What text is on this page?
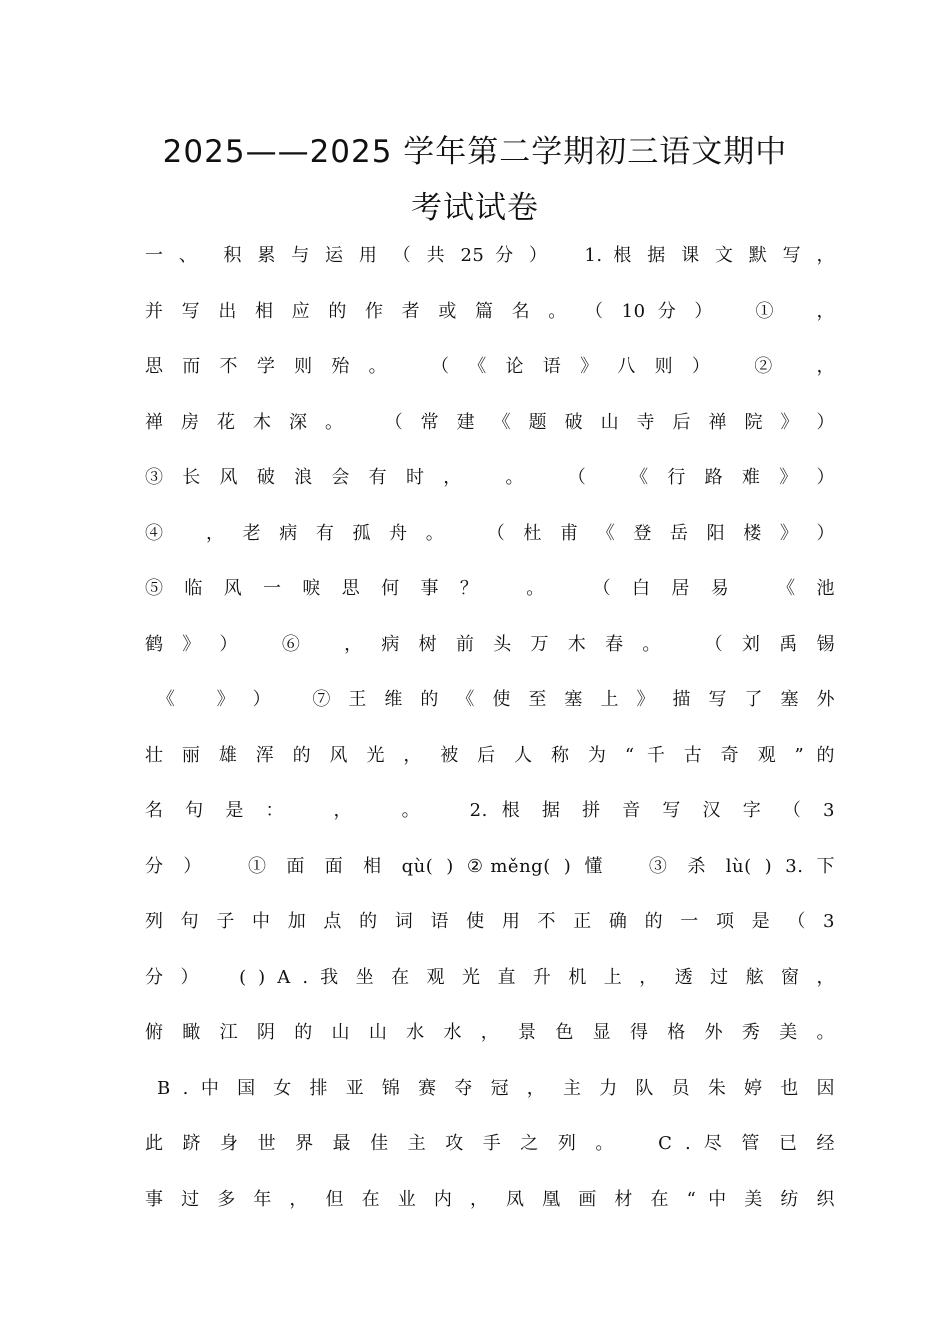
2025——2025 学年第二学期初三语文期中
考试试卷
一 、  积 累 与 运 用 （ 共 25 分 ）   1. 根 据 课 文 默 写 ，
并 写 出 相 应 的 作 者 或 篇 名 。 （ 10 分 ）   ①   ，
思 而 不 学 则 殆 。   （ 《 论 语 》 八 则 ）   ②   ，
禅 房 花 木 深 。   （ 常 建 《 题 破 山 寺 后 禅 院 》 ）
③ 长 风 破 浪 会 有 时 ，   。   （   《 行 路 难 》 ）
④   ， 老 病 有 孤 舟 。   （ 杜 甫 《 登 岳 阳 楼 》 ）
⑤ 临 风 一 唳 思 何 事 ？   。   （ 白 居 易   《 池
鹤 》 ）   ⑥   ， 病 树 前 头 万 木 春 。   （ 刘 禹 锡
《   》 ）   ⑦ 王 维 的 《 使 至 塞 上 》 描 写 了 塞 外
壮 丽 雄 浑 的 风 光 ， 被 后 人 称 为 “ 千 古 奇 观 ” 的
名 句 是 ：   ，   。   2. 根 据 拼 音 写 汉 字 （ 3
分 ）   ① 面 面 相 qù( ) ②měng( ) 懂   ③ 杀 lù( ) 3. 下
列 句 子 中 加 点 的 词 语 使 用 不 正 确 的 一 项 是 （ 3
分 ）   ( ) A . 我 坐 在 观 光 直 升 机 上 ， 透 过 舷 窗 ，
俯 瞰 江 阴 的 山 山 水 水 ， 景 色 显 得 格 外 秀 美 。
B . 中 国 女 排 亚 锦 赛 夺 冠 ， 主 力 队 员 朱 婷 也 因
此 跻 身 世 界 最 佳 主 攻 手 之 列 。   C . 尽 管 已 经
事 过 多 年 ， 但 在 业 内 ， 凤 凰 画 材 在 “ 中 美 纺 织
